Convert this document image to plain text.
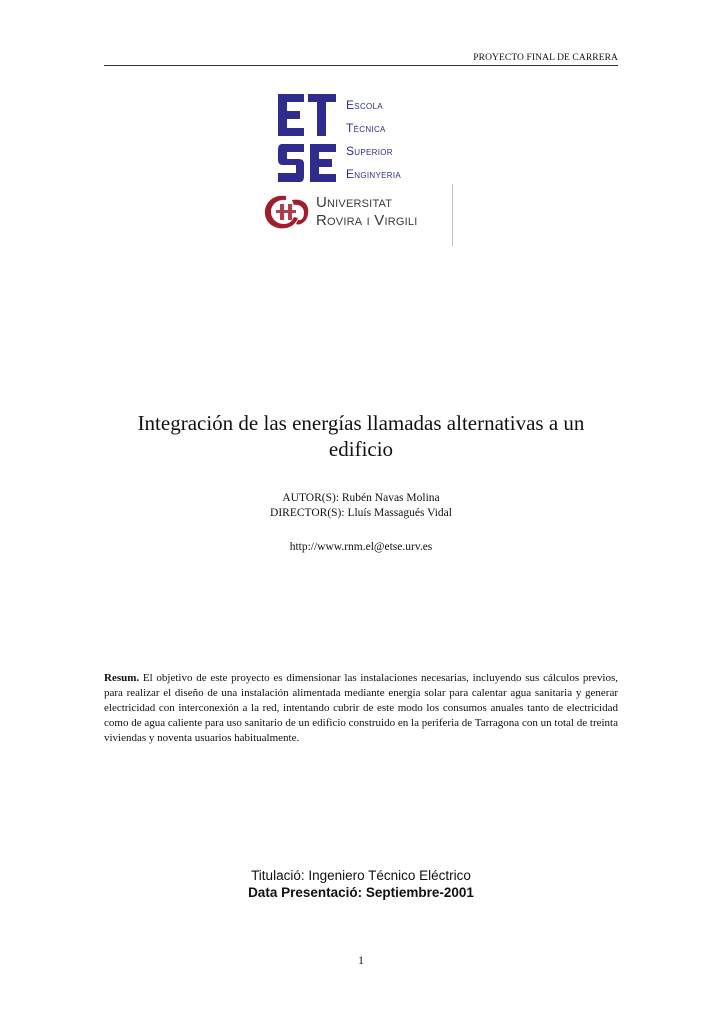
PROYECTO FINAL DE CARRERA
Escola
Tècnica
Superior
Enginyeria
Universitat
Rovira i Virgili
Integración de las energías llamadas alternativas a un edificio
AUTOR(S): Rubén Navas Molina
DIRECTOR(S): Lluís Massagués Vidal
http://www.rnm.el@etse.urv.es
Resum. El objetivo de este proyecto es dimensionar las instalaciones necesarias, incluyendo sus cálculos previos, para realizar el diseño de una instalación alimentada mediante energía solar para calentar agua sanitaria y generar electricidad con interconexión a la red, intentando cubrir de este modo los consumos anuales tanto de electricidad como de agua caliente para uso sanitario de un edificio construido en la periferia de Tarragona con un total de treinta viviendas y noventa usuarios habitualmente.
Titulació: Ingeniero Técnico Eléctrico
Data Presentació: Septiembre-2001
1
